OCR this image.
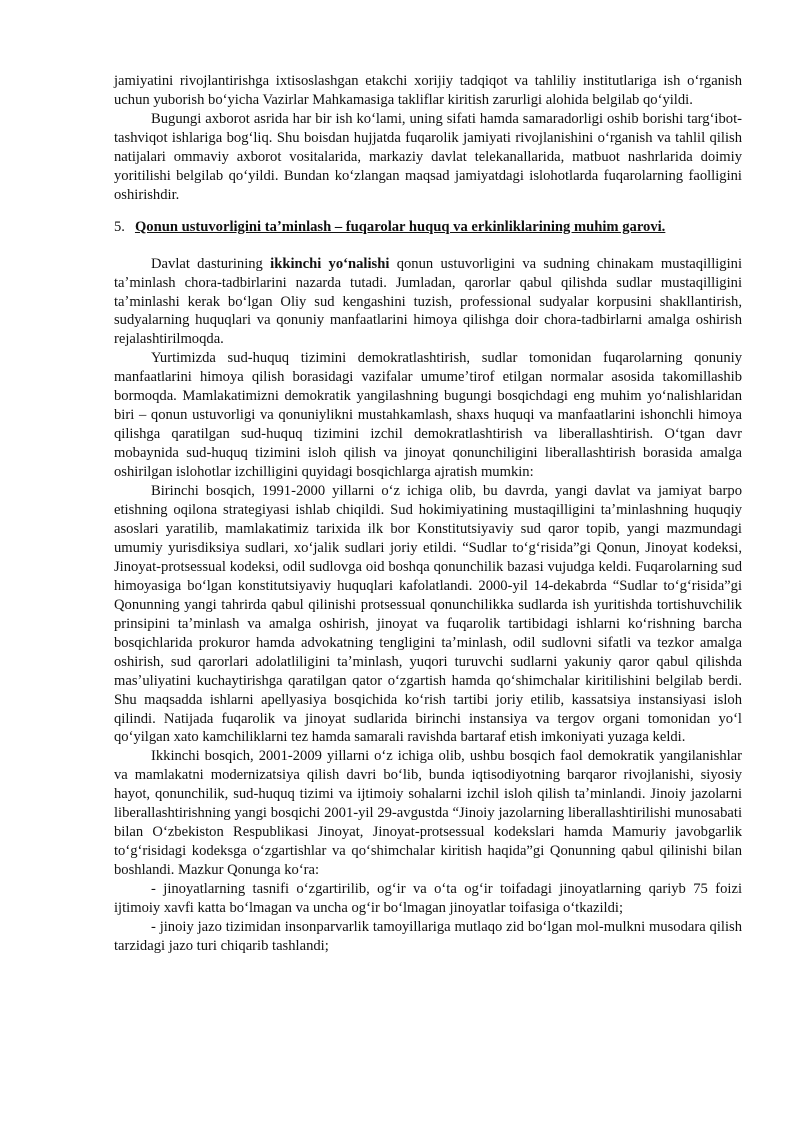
jamiyatini rivojlantirishga ixtisoslashgan etakchi xorijiy tadqiqot va tahliliy institutlariga ish oʻrganish uchun yuborish boʻyicha Vazirlar Mahkamasiga takliflar kiritish zarurligi alohida belgilab qoʻyildi.

Bugungi axborot asrida har bir ish koʻlami, uning sifati hamda samaradorligi oshib borishi targʻibot-tashviqot ishlariga bogʻliq. Shu boisdan hujjatda fuqarolik jamiyati rivojlanishini oʻrganish va tahlil qilish natijalari ommaviy axborot vositalarida, markaziy davlat telekanallarida, matbuot nashrlarida doimiy yoritilishi belgilab qoʻyildi. Bundan koʻzlangan maqsad jamiyatdagi islohotlarda fuqarolarning faolligini oshirishdir.

5. Qonun ustuvorligini taʼminlash – fuqarolar huquq va erkinliklarining muhim garovi.

Davlat dasturining ikkinchi yoʻnalishi qonun ustuvorligini va sudning chinakam mustaqilligini taʼminlash chora-tadbirlarini nazarda tutadi. Jumladan, qarorlar qabul qilishda sudlar mustaqilligini taʼminlashi kerak boʻlgan Oliy sud kengashini tuzish, professional sudyalar korpusini shakllantirish, sudyalarning huquqlari va qonuniy manfaatlarini himoya qilishga doir chora-tadbirlarni amalga oshirish rejalashtirilmoqda.

Yurtimizda sud-huquq tizimini demokratlashtirish, sudlar tomonidan fuqarolarning qonuniy manfaatlarini himoya qilish borasidagi vazifalar umumeʼtirof etilgan normalar asosida takomillashib bormoqda. Mamlakatimizni demokratik yangilashning bugungi bosqichdagi eng muhim yoʻnalishlaridan biri – qonun ustuvorligi va qonuniylikni mustahkamlash, shaxs huquqi va manfaatlarini ishonchli himoya qilishga qaratilgan sud-huquq tizimini izchil demokratlashtirish va liberallashtirish. Oʻtgan davr mobaynida sud-huquq tizimini isloh qilish va jinoyat qonunchiligini liberallashtirish borasida amalga oshirilgan islohotlar izchilligini quyidagi bosqichlarga ajratish mumkin:

Birinchi bosqich, 1991-2000 yillarni oʻz ichiga olib, bu davrda, yangi davlat va jamiyat barpo etishning oqilona strategiyasi ishlab chiqildi. Sud hokimiyatining mustaqilligini taʼminlashning huquqiy asoslari yaratilib, mamlakatimiz tarixida ilk bor Konstitutsiyaviy sud qaror topib, yangi mazmundagi umumiy yurisdiksiya sudlari, xoʻjalik sudlari joriy etildi. “Sudlar toʻgʻrisida”gi Qonun, Jinoyat kodeksi, Jinoyat-protsessual kodeksi, odil sudlovga oid boshqa qonunchilik bazasi vujudga keldi. Fuqarolarning sud himoyasiga boʻlgan konstitutsiyaviy huquqlari kafolatlandi. 2000-yil 14-dekabrda “Sudlar toʻgʻrisida”gi Qonunning yangi tahrirda qabul qilinishi protsessual qonunchilikka sudlarda ish yuritishda tortishuvchilik prinsipini taʼminlash va amalga oshirish, jinoyat va fuqarolik tartibidagi ishlarni koʻrishning barcha bosqichlarida prokuror hamda advokatning tengligini taʼminlash, odil sudlovni sifatli va tezkor amalga oshirish, sud qarorlari adolatliligini taʼminlash, yuqori turuvchi sudlarni yakuniy qaror qabul qilishda masʼuliyatini kuchaytirishga qaratilgan qator oʻzgartish hamda qoʻshimchalar kiritilishini belgilab berdi. Shu maqsadda ishlarni apellyasiya bosqichida koʻrish tartibi joriy etilib, kassatsiya instansiyasi isloh qilindi. Natijada fuqarolik va jinoyat sudlarida birinchi instansiya va tergov organi tomonidan yoʻl qoʻyilgan xato kamchiliklarni tez hamda samarali ravishda bartaraf etish imkoniyati yuzaga keldi.

Ikkinchi bosqich, 2001-2009 yillarni oʻz ichiga olib, ushbu bosqich faol demokratik yangilanishlar va mamlakatni modernizatsiya qilish davri boʻlib, bunda iqtisodiyotning barqaror rivojlanishi, siyosiy hayot, qonunchilik, sud-huquq tizimi va ijtimoiy sohalarni izchil isloh qilish taʼminlandi. Jinoiy jazolarni liberallashtirishning yangi bosqichi 2001-yil 29-avgustda “Jinoiy jazolarning liberallashtirilishi munosabati bilan Oʻzbekiston Respublikasi Jinoyat, Jinoyat-protsessual kodekslari hamda Mamuriy javobgarlik toʻgʻrisidagi kodeksga oʻzgartishlar va qoʻshimchalar kiritish haqida”gi Qonunning qabul qilinishi bilan boshlandi. Mazkur Qonunga koʻra:

- jinoyatlarning tasnifi oʻzgartirilib, ogʻir va oʻta ogʻir toifadagi jinoyatlarning qariyb 75 foizi ijtimoiy xavfi katta boʻlmagan va uncha ogʻir boʻlmagan jinoyatlar toifasiga oʻtkazildi;

- jinoiy jazo tizimidan insonparvarlik tamoyillariga mutlaqo zid boʻlgan mol-mulkni musodara qilish tarzidagi jazo turi chiqarib tashlandi;
